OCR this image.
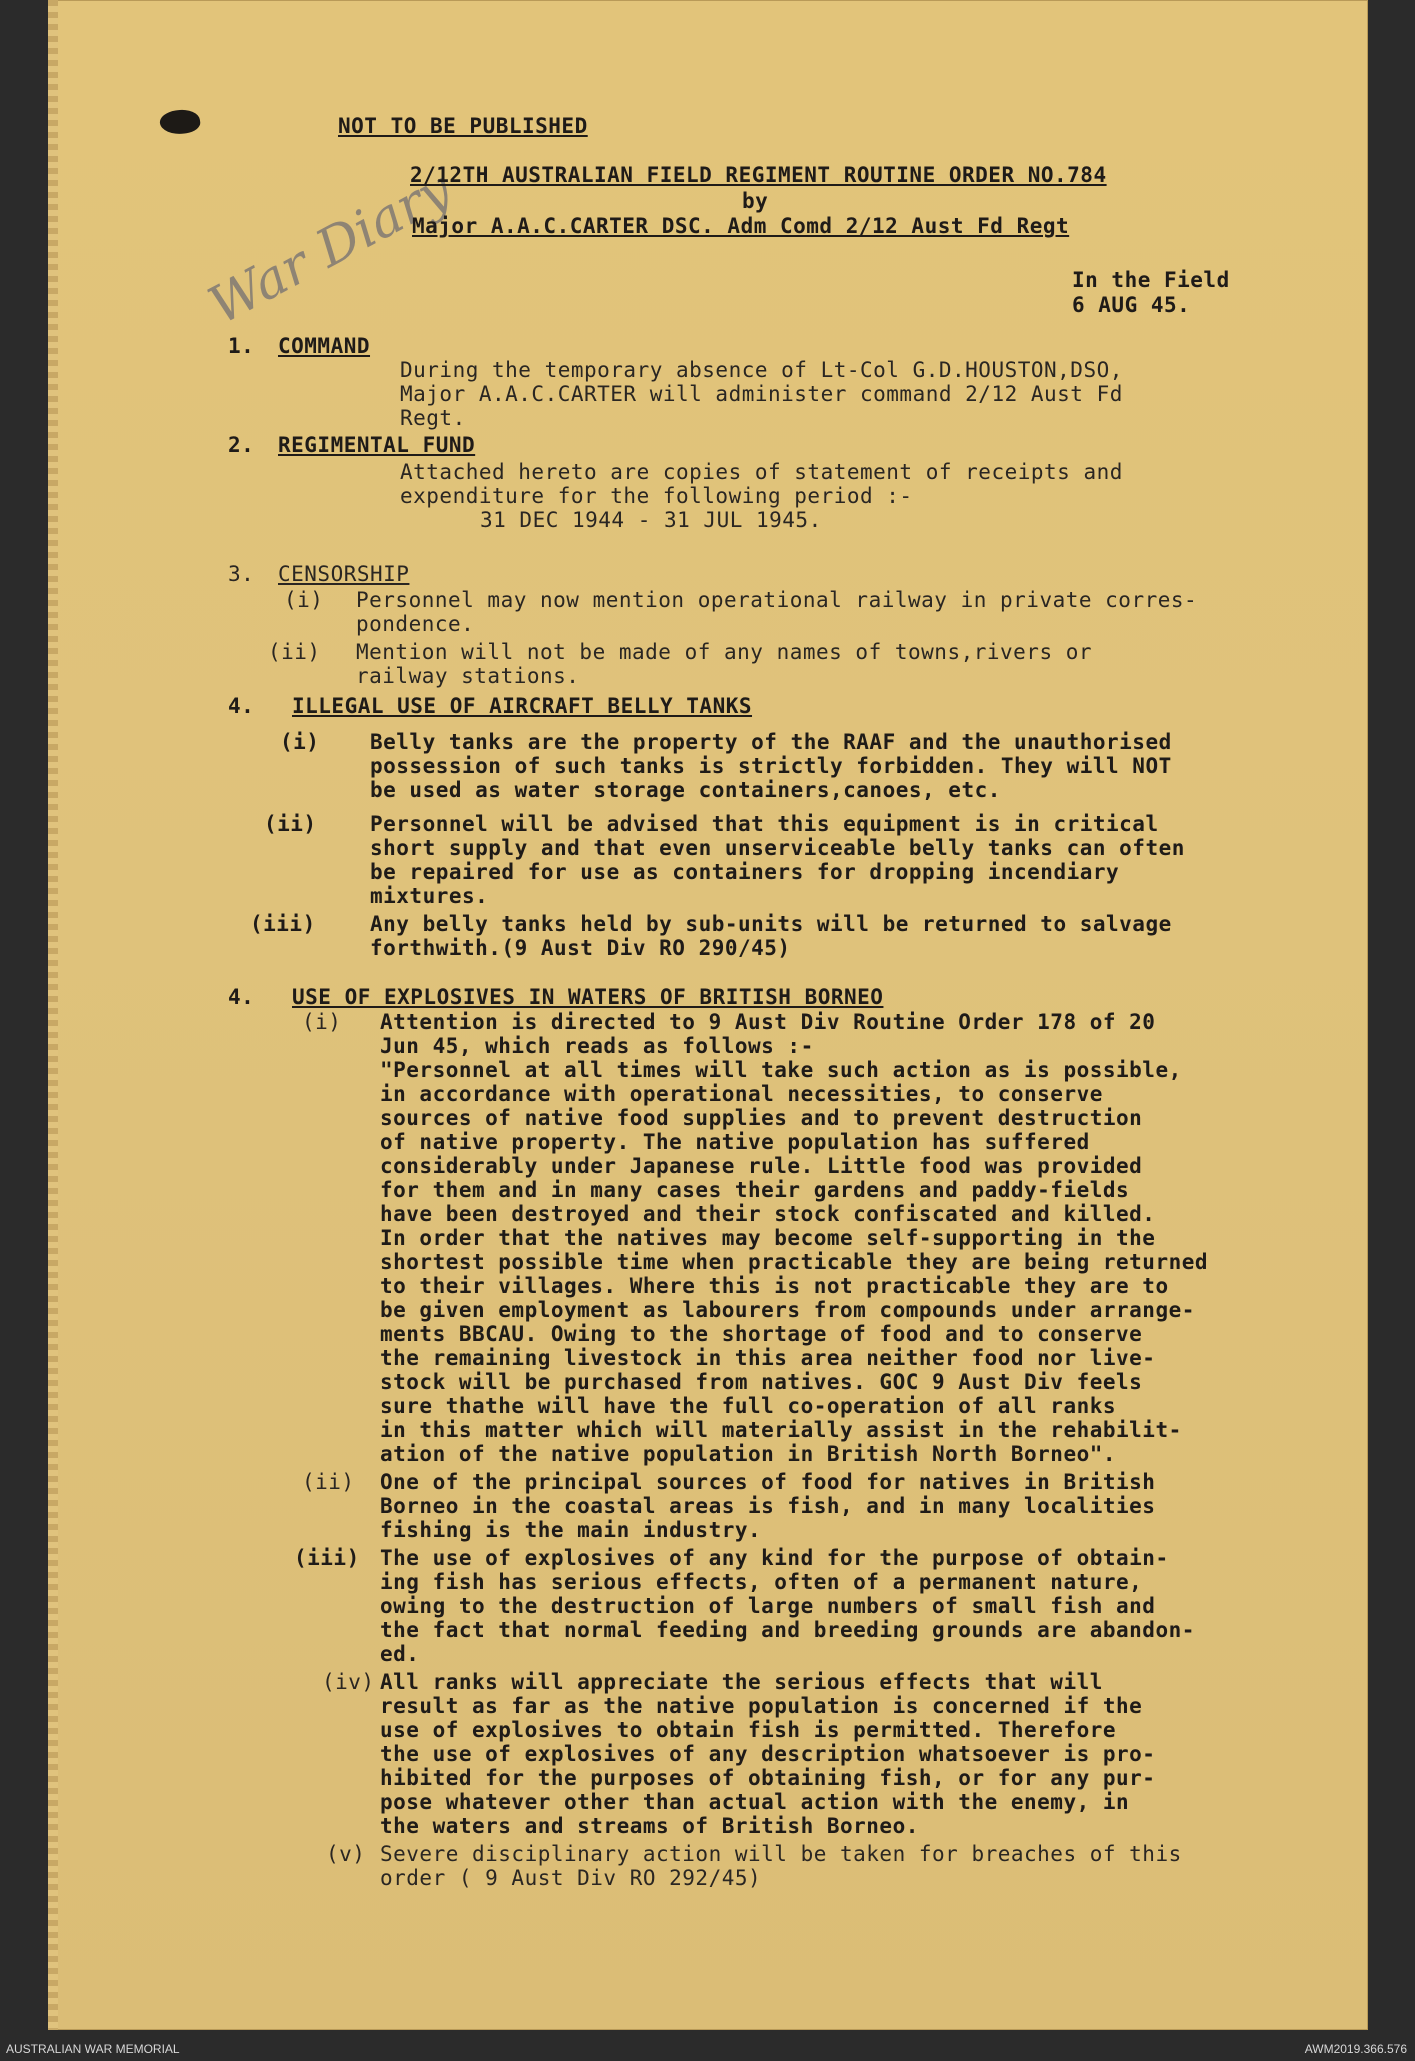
War Diary
NOT TO BE PUBLISHED
2/12TH AUSTRALIAN FIELD REGIMENT ROUTINE ORDER NO.784
by
Major A.A.C.CARTER DSC. Adm Comd 2/12 Aust Fd Regt
In the Field
6 AUG 45.
1. COMMAND
During the temporary absence of Lt-Col G.D.HOUSTON,DSO,
Major A.A.C.CARTER will administer command 2/12 Aust Fd
Regt.
2. REGIMENTAL FUND
Attached hereto are copies of statement of receipts and
expenditure for the following period :-
31 DEC 1944 - 31 JUL 1945.
3. CENSORSHIP
(i) Personnel may now mention operational railway in private corres-
pondence.
(ii) Mention will not be made of any names of towns,rivers or
railway stations.
4. ILLEGAL USE OF AIRCRAFT BELLY TANKS
(i) Belly tanks are the property of the RAAF and the unauthorised
possession of such tanks is strictly forbidden. They will NOT
be used as water storage containers,canoes, etc.
(ii)	Personnel will be advised that this equipment is in critical
short supply and that even unserviceable belly tanks can often
be repaired for use as containers for dropping incendiary
mixtures.
(iii)	Any belly tanks held by sub-units will be returned to salvage
forthwith.(9 Aust Div RO 290/45)
4. USE OF EXPLOSIVES IN WATERS OF BRITISH BORNEO
(i) Attention is directed to 9 Aust Div Routine Order 178 of 20
Jun 45, which reads as follows :-
"Personnel at all times will take such action as is possible,
in accordance with operational necessities, to conserve
sources of native food supplies and to prevent destruction
of native property. The native population has suffered
considerably under Japanese rule. Little food was provided
for them and in many cases their gardens and paddy-fields
have been destroyed and their stock confiscated and killed.
In order that the natives may become self-supporting in the
shortest possible time when practicable they are being returned
to their villages. Where this is not practicable they are to
be given employment as labourers from compounds under arrange-
ments BBCAU. Owing to the shortage of food and to conserve
the remaining livestock in this area neither food nor live-
stock will be purchased from natives. GOC 9 Aust Div feels
sure thathe will have the full co-operation of all ranks
in this matter which will materially assist in the rehabilit-
ation of the native population in British North Borneo".
(ii) One of the principal sources of food for natives in British
Borneo in the coastal areas is fish, and in many localities
fishing is the main industry.
(iii) The use of explosives of any kind for the purpose of obtain-
ing fish has serious effects, often of a permanent nature,
owing to the destruction of large numbers of small fish and
the fact that normal feeding and breeding grounds are abandon-
ed.
(iv) All ranks will appreciate the serious effects that will
result as far as the native population is concerned if the
use of explosives to obtain fish is permitted. Therefore
the use of explosives of any description whatsoever is pro-
hibited for the purposes of obtaining fish, or for any pur-
pose whatever other than actual action with the enemy, in
the waters and streams of British Borneo.
(v) Severe disciplinary action will be taken for breaches of this
order ( 9 Aust Div RO 292/45)
AUSTRALIAN WAR MEMORIAL	AWM2019.366.576
